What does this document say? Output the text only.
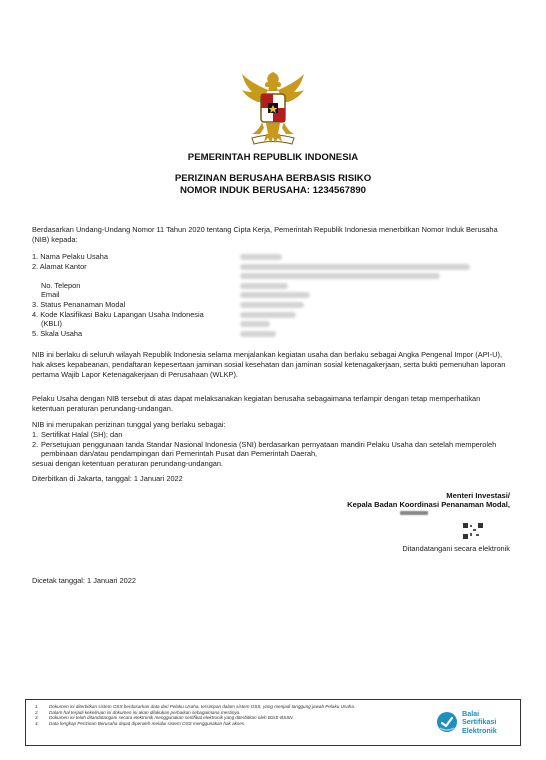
PEMERINTAH REPUBLIK INDONESIA
PERIZINAN BERUSAHA BERBASIS RISIKO
NOMOR INDUK BERUSAHA: 1234567890
Berdasarkan Undang-Undang Nomor 11 Tahun 2020 tentang Cipta Kerja, Pemerintah Republik Indonesia menerbitkan Nomor Induk Berusaha (NIB) kepada:
1. Nama Pelaku Usaha
2. Alamat Kantor
No. Telepon
Email
3. Status Penanaman Modal
4. Kode Klasifikasi Baku Lapangan Usaha Indonesia
(KBLI)
5. Skala Usaha
NIB ini berlaku di seluruh wilayah Republik Indonesia selama menjalankan kegiatan usaha dan berlaku sebagai Angka Pengenal Impor (API-U), hak akses kepabeanan, pendaftaran kepesertaan jaminan sosial kesehatan dan jaminan sosial ketenagakerjaan, serta bukti pemenuhan laporan pertama Wajib Lapor Ketenagakerjaan di Perusahaan (WLKP).
Pelaku Usaha dengan NIB tersebut di atas dapat melaksanakan kegiatan berusaha sebagaimana terlampir dengan tetap memperhatikan ketentuan peraturan perundang-undangan.
NIB ini merupakan perizinan tunggal yang berlaku sebagai:
1. Sertifikat Halal (SH); dan
2. Persetujuan penggunaan tanda Standar Nasional Indonesia (SNI) berdasarkan pernyataan mandiri Pelaku Usaha dan setelah memperoleh pembinaan dan/atau pendampingan dari Pemerintah Pusat dan Pemerintah Daerah,
sesuai dengan ketentuan peraturan perundang-undangan.
Diterbitkan di Jakarta, tanggal: 1 Januari 2022
Menteri Investasi/
Kepala Badan Koordinasi Penanaman Modal,
Ditandatangani secara elektronik
Dicetak tanggal: 1 Januari 2022
1. Dokumen ini diterbitkan sistem OSS berdasarkan data dari Pelaku Usaha, tersimpan dalam sistem OSS, yang menjadi tanggung jawab Pelaku Usaha.
2. Dalam hal terjadi kekeliruan isi dokumen ini akan dilakukan perbaikan sebagaimana mestinya.
3. Dokumen ini telah ditandatangani secara elektronik menggunakan sertifikat elektronik yang diterbitkan oleh BSrE-BSSN.
4. Data lengkap Perizinan Berusaha dapat diperoleh melalui sistem OSS menggunakan hak akses.
Balai
Sertifikasi
Elektronik
